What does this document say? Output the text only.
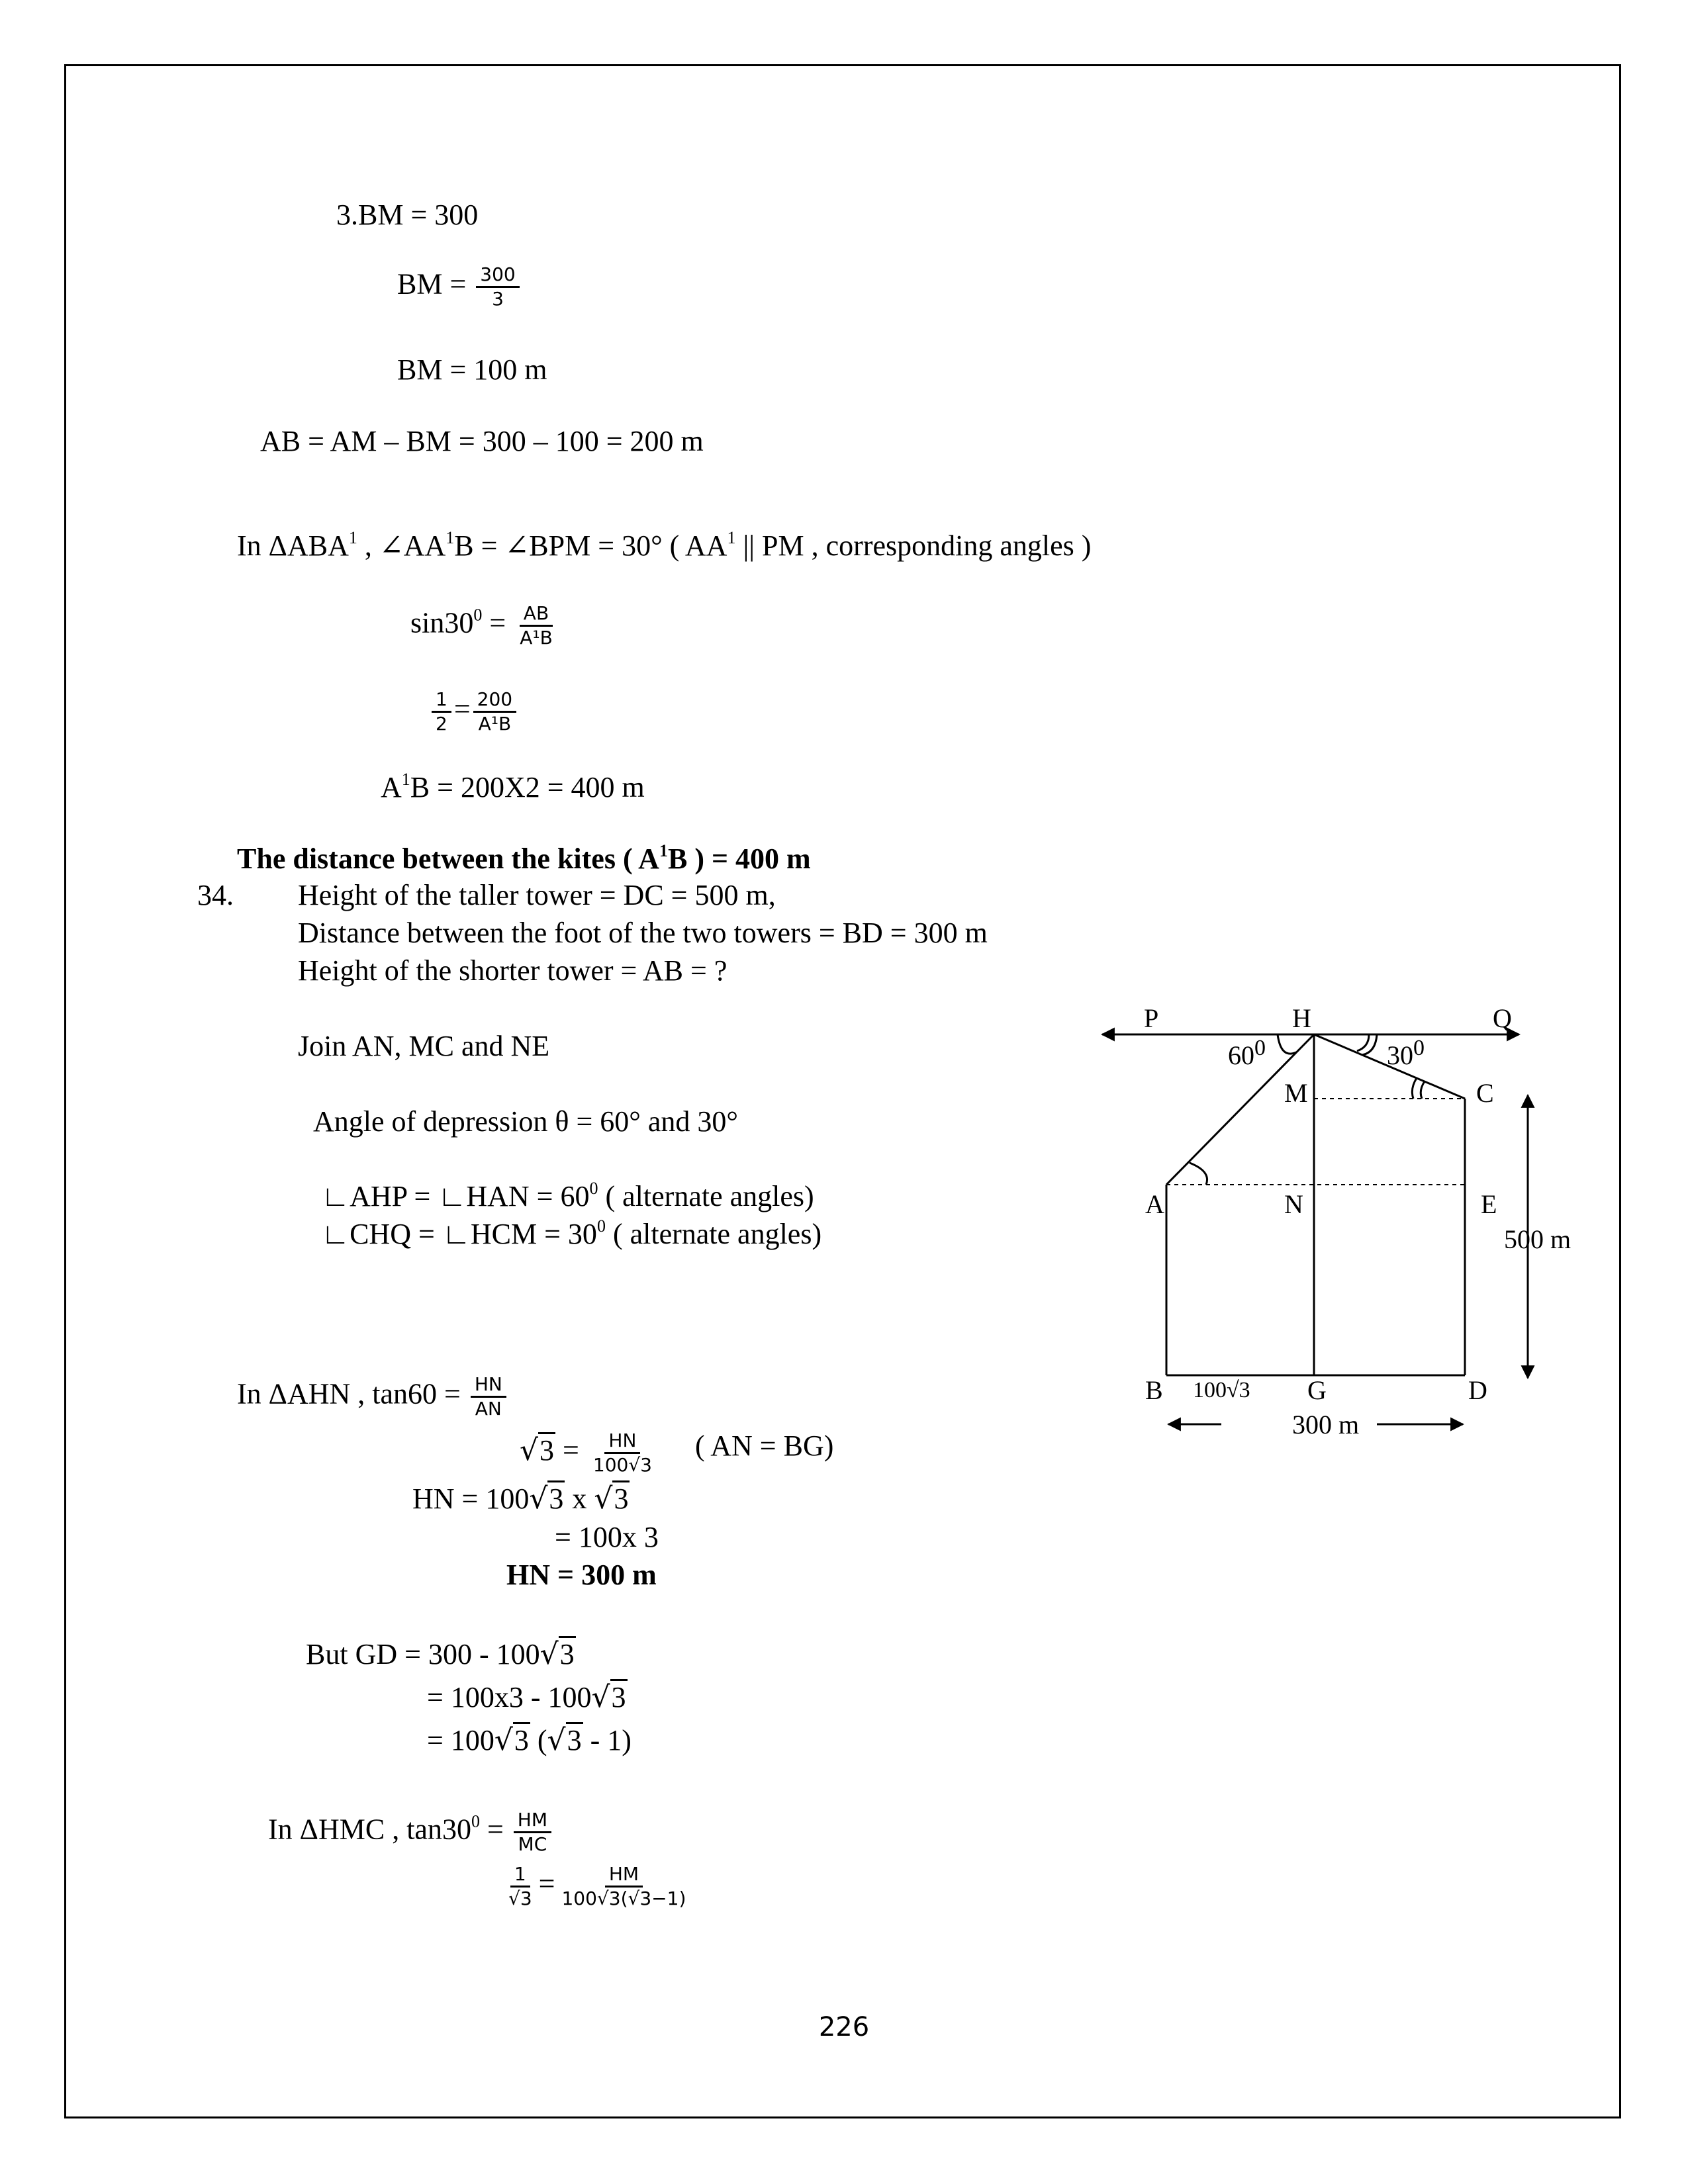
3.BM = 300
BM = $\frac{300}{3}$
BM = 100 m
AB = AM – BM = 300 – 100 = 200 m
In ΔABA$^1$ , $\angle AA^1B$ = ∠BPM = 30° ( $AA^1$ || PM , corresponding angles )
$\sin 30^0 = \frac{AB}{\text{A¹B}}$
$\frac{1}{2} = \frac{200}{\text{A¹B}}$
$A^1B = 200X2 = 400$ m
The distance between the kites ( $A^1B$ ) = 400 m
34. Height of the taller tower = DC = 500 m,
Distance between the foot of the two towers = BD = 300 m
Height of the shorter tower = AB = ?
Join AN, MC and NE
Angle of depression θ = 60° and 30°
∟AHP = ∟HAN = $60^0$ ( alternate angles)
∟CHQ = ∟HCM = $30^0$ ( alternate angles)
In ΔAHN , $\tan 60 = \frac{HN}{AN}$
$√3 = \frac{HN}{100√3}$ ( AN = BG)
HN = 100√3 x √3
= 100x 3
HN = 300 m
But GD = 300 - 100√3
= 100x3 - 100√3
= 100√3 (√3 - 1)
In ΔHMC , $\tan 30^0 = \frac{HM}{MC}$
$\frac{1}{√3} = \frac{HM}{100√3(√3-1)}$
P	H	Q
M	C
A	N	E
B	G	D
$60^0$	$30^0$
500 m
300 m
100√3
226
